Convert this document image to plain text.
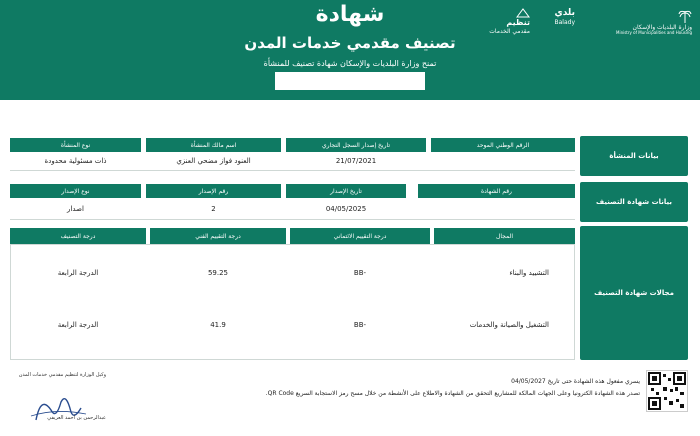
شهادة
تصنيف مقدمي خدمات المدن
تمنح وزارة البلديات والإسكان شهادة تصنيف للمنشأة
وزارة البلديات والإسكان
Ministry of Municipalities and Housing
بلدي
Balady
تنظيم
مقدمي الخدمات
بيانات المنشأة
الرقم الوطني الموحد
تاريخ إصدار السجل التجاري
اسم مالك المنشأة
نوع المنشأة
21/07/2021
العنود فواز مضحي العنزي
ذات مسئولية محدودة
بيانات شهادة التصنيف
رقم الشهادة
تاريخ الإصدار
رقم الإصدار
نوع الإصدار
04/05/2025
2
اصدار
مجالات شهادة التصنيف
المجال
درجة التقييم الائتماني
درجة التقييم الفني
درجة التصنيف
التشييد والبناء
BB-
59.25
الدرجة الرابعة
التشغيل والصيانة والخدمات
BB-
41.9
الدرجة الرابعة
يسري مفعول هذه الشهادة حتى تاريخ 04/05/2027
تصدر هذه الشهادة الكترونيا وعلى الجهات المالكة للمشاريع التحقق من الشهادة والاطلاع على الأنشطة من خلال مسح رمز الاستجابة السريع QR Code.
وكيل الوزارة لتنظيم مقدمي خدمات المدن
عبدالرحمن بن أحمد العريفي
